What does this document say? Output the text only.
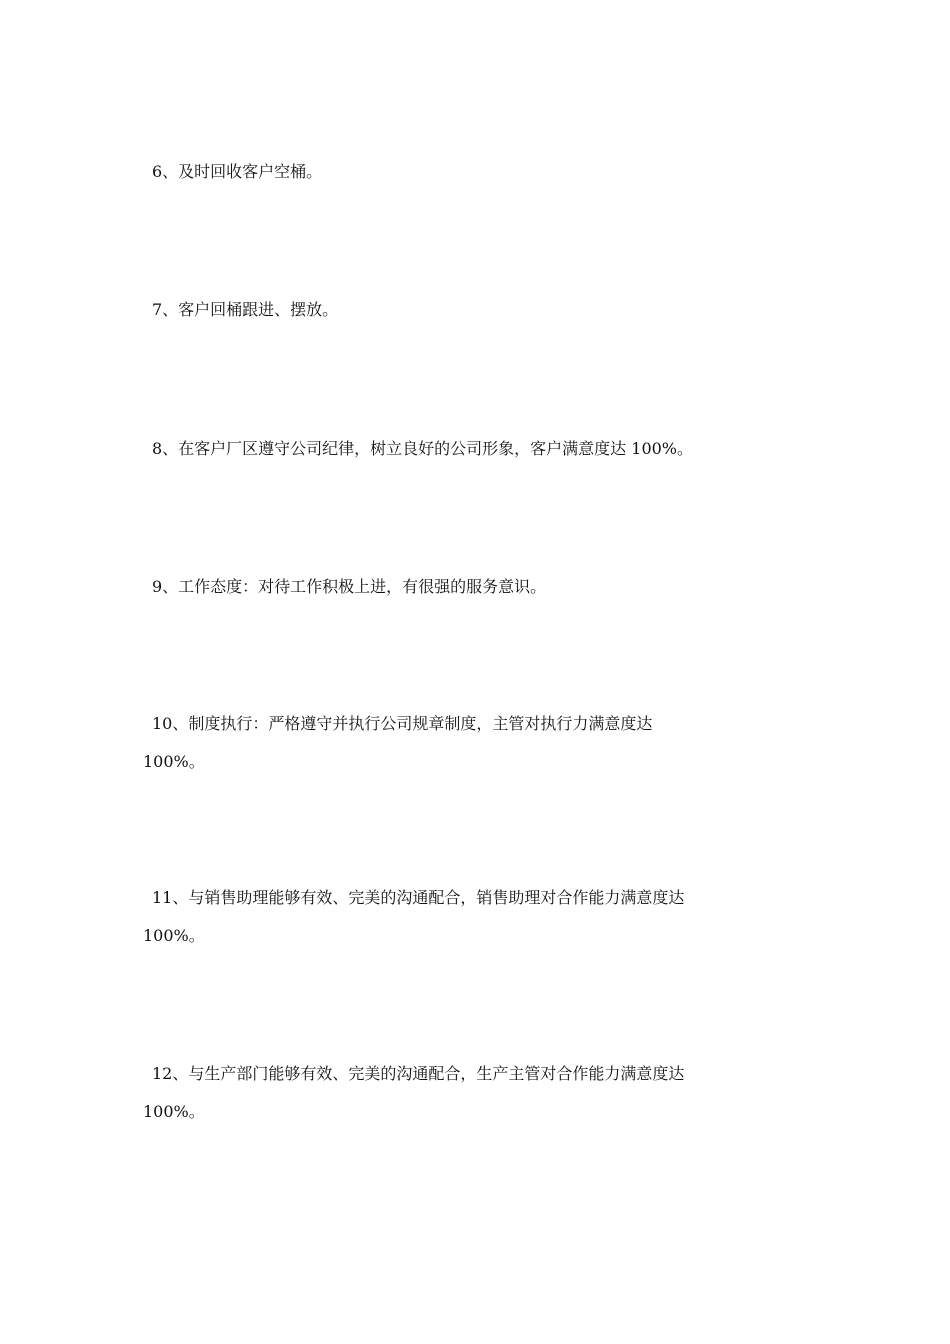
6、及时回收客户空桶。

7、客户回桶跟进、摆放。

8、在客户厂区遵守公司纪律，树立良好的公司形象，客户满意度达 100%。

9、工作态度：对待工作积极上进，有很强的服务意识。

10、制度执行：严格遵守并执行公司规章制度，主管对执行力满意度达
100%。

11、与销售助理能够有效、完美的沟通配合，销售助理对合作能力满意度达
100%。

12、与生产部门能够有效、完美的沟通配合，生产主管对合作能力满意度达
100%。
